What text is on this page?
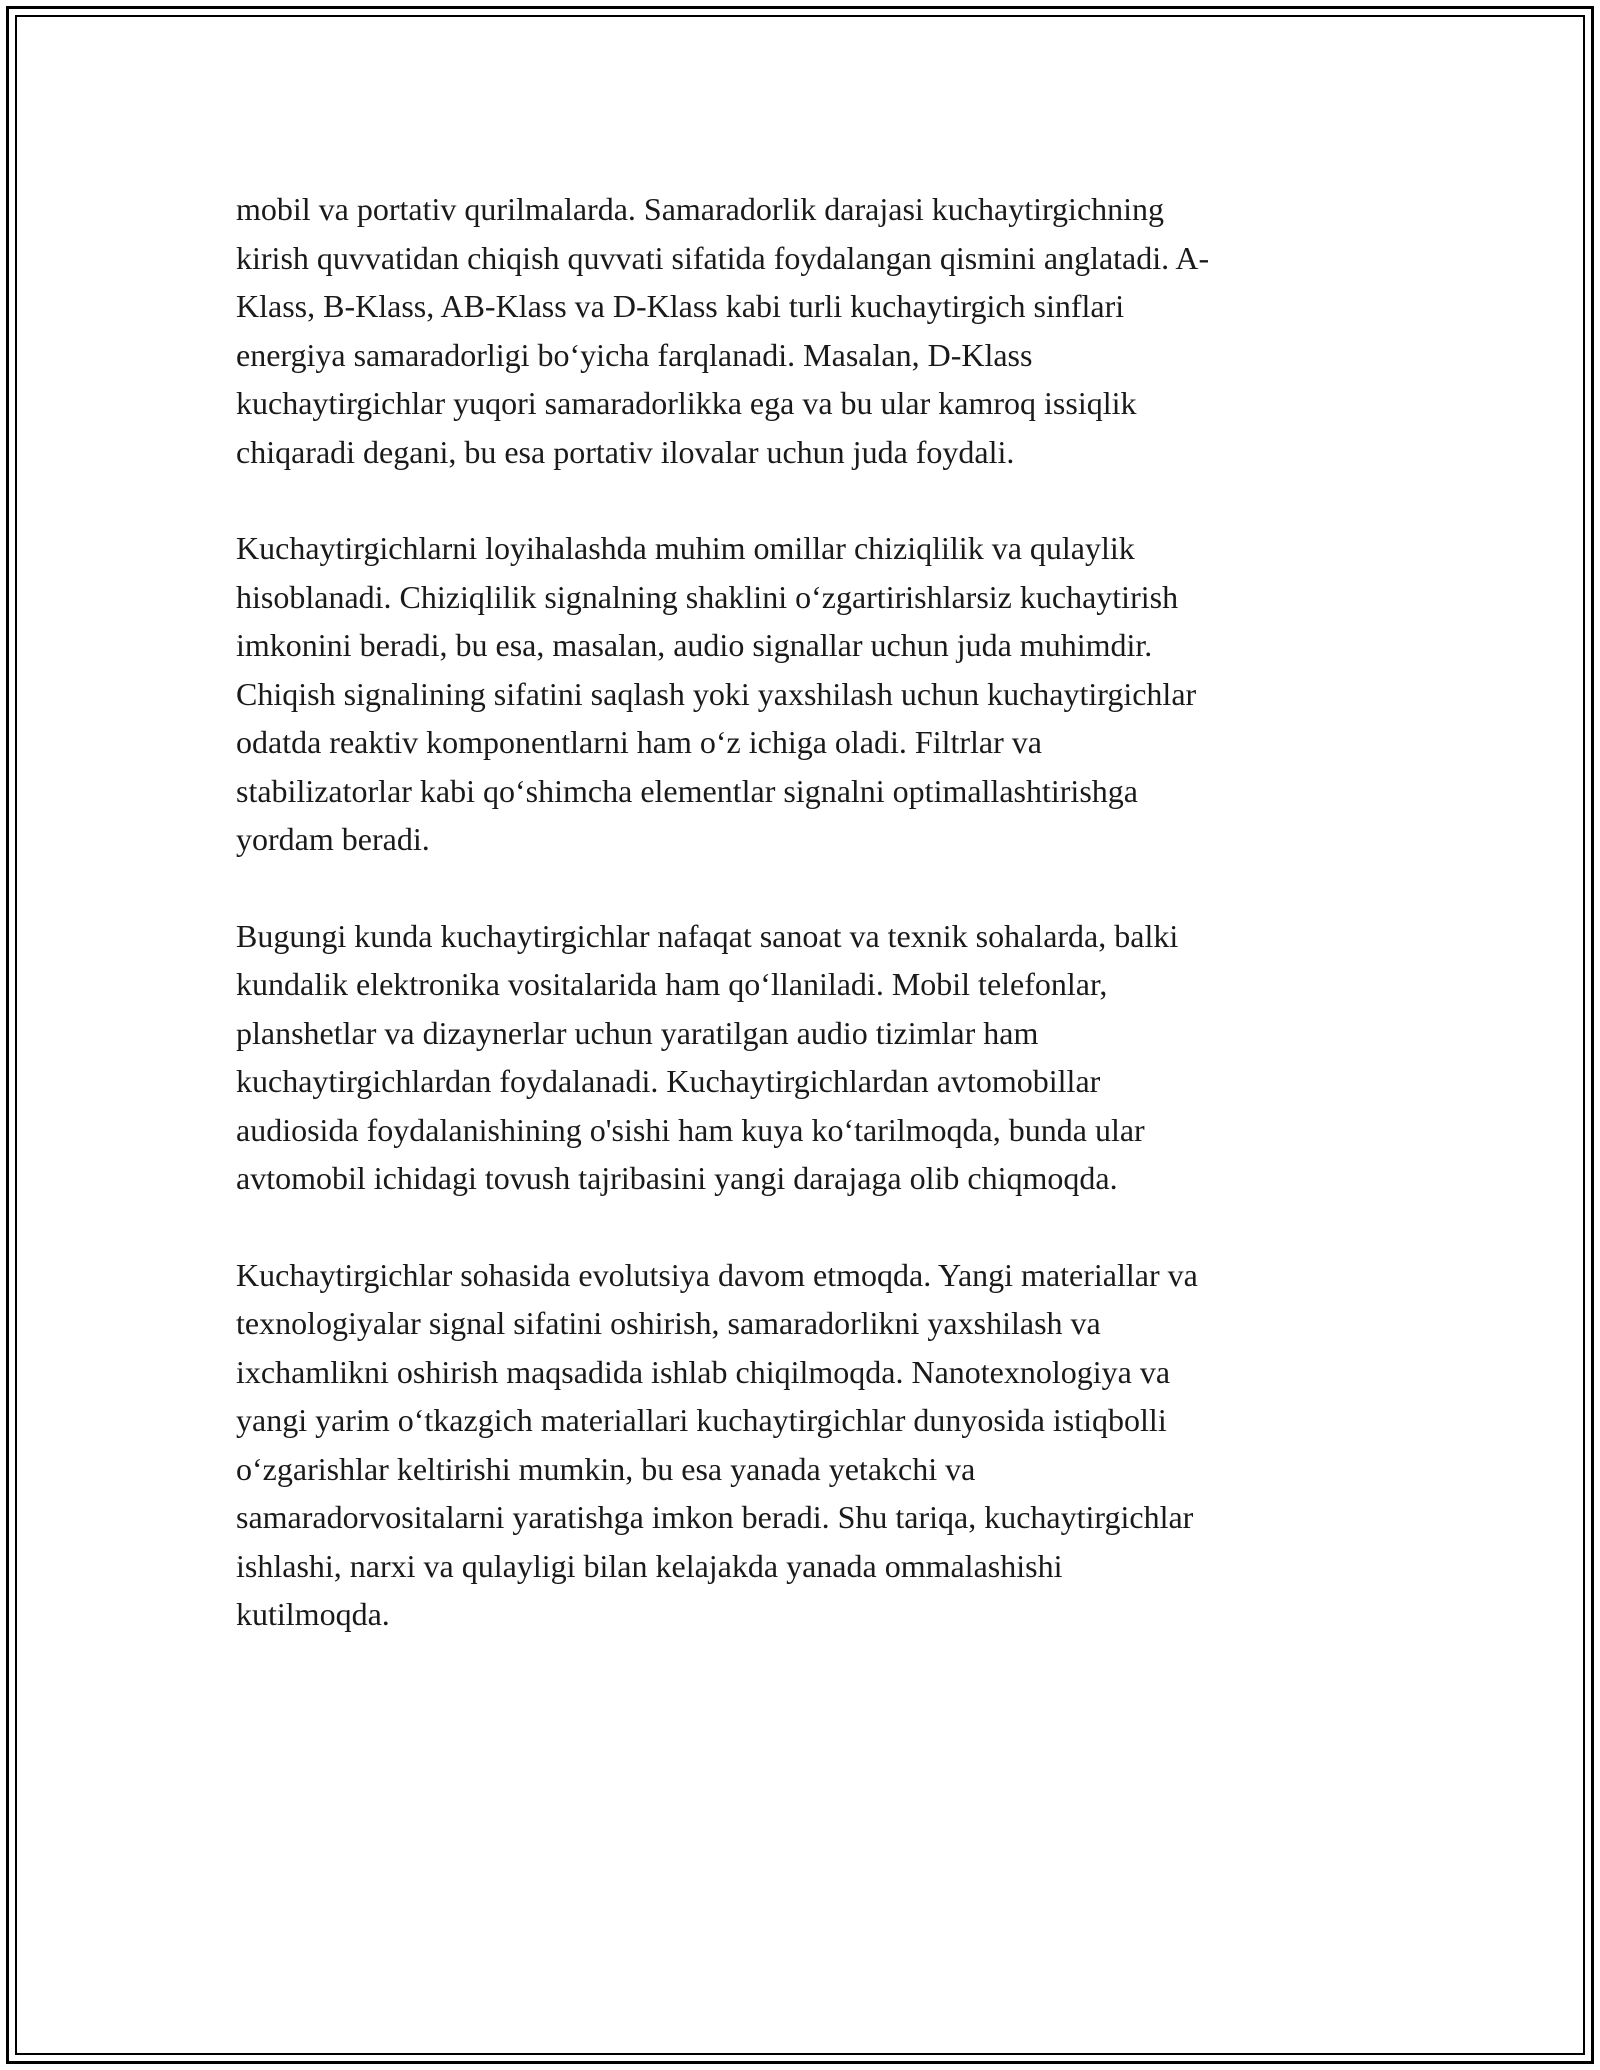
mobil va portativ qurilmalarda. Samaradorlik darajasi kuchaytirgichning
kirish quvvatidan chiqish quvvati sifatida foydalangan qismini anglatadi. A-
Klass, B-Klass, AB-Klass va D-Klass kabi turli kuchaytirgich sinflari
energiya samaradorligi bo‘yicha farqlanadi. Masalan, D-Klass
kuchaytirgichlar yuqori samaradorlikka ega va bu ular kamroq issiqlik
chiqaradi degani, bu esa portativ ilovalar uchun juda foydali.

Kuchaytirgichlarni loyihalashda muhim omillar chiziqlilik va qulaylik
hisoblanadi. Chiziqlilik signalning shaklini o‘zgartirishlarsiz kuchaytirish
imkonini beradi, bu esa, masalan, audio signallar uchun juda muhimdir.
Chiqish signalining sifatini saqlash yoki yaxshilash uchun kuchaytirgichlar
odatda reaktiv komponentlarni ham o‘z ichiga oladi. Filtrlar va
stabilizatorlar kabi qo‘shimcha elementlar signalni optimallashtirishga
yordam beradi.

Bugungi kunda kuchaytirgichlar nafaqat sanoat va texnik sohalarda, balki
kundalik elektronika vositalarida ham qo‘llaniladi. Mobil telefonlar,
planshetlar va dizaynerlar uchun yaratilgan audio tizimlar ham
kuchaytirgichlardan foydalanadi. Kuchaytirgichlardan avtomobillar
audiosida foydalanishining o'sishi ham kuya ko‘tarilmoqda, bunda ular
avtomobil ichidagi tovush tajribasini yangi darajaga olib chiqmoqda.

Kuchaytirgichlar sohasida evolutsiya davom etmoqda. Yangi materiallar va
texnologiyalar signal sifatini oshirish, samaradorlikni yaxshilash va
ixchamlikni oshirish maqsadida ishlab chiqilmoqda. Nanotexnologiya va
yangi yarim o‘tkazgich materiallari kuchaytirgichlar dunyosida istiqbolli
o‘zgarishlar keltirishi mumkin, bu esa yanada yetakchi va
samaradorvositalarni yaratishga imkon beradi. Shu tariqa, kuchaytirgichlar
ishlashi, narxi va qulayligi bilan kelajakda yanada ommalashishi
kutilmoqda.
